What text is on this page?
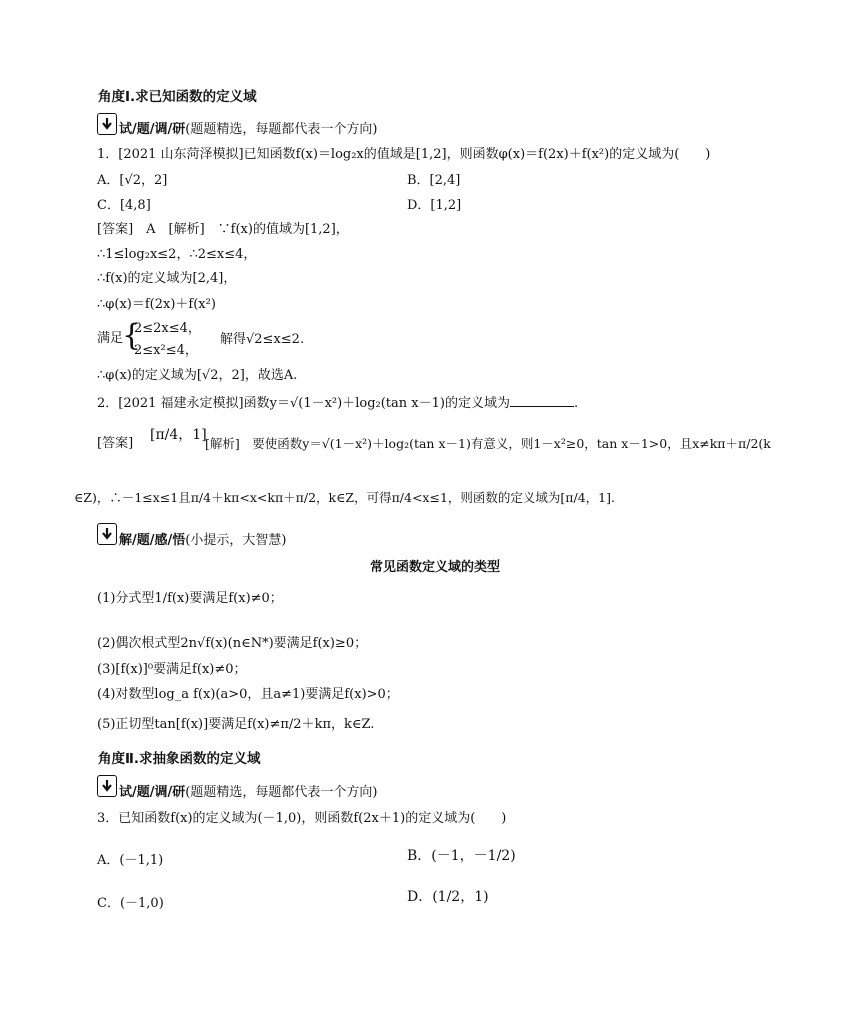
角度Ⅰ.求已知函数的定义域
试/题/调/研(题题精选，每题都代表一个方向)
1．[2021 山东菏泽模拟]已知函数f(x)＝log₂x的值域是[1,2]，则函数φ(x)＝f(2x)＋f(x²)的定义域为(　　)
A．[√2，2]	B．[2,4]
C．[4,8]	D．[1,2]
[答案]　A　[解析]　∵f(x)的值域为[1,2]，
∴1≤log₂x≤2，∴2≤x≤4，
∴f(x)的定义域为[2,4]，
∴φ(x)＝f(2x)＋f(x²)
满足
{
2≤2x≤4，
2≤x²≤4，
解得√2≤x≤2.
∴φ(x)的定义域为[√2，2]，故选A.
2．[2021 福建永定模拟]函数y＝√(1－x²)＋log₂(tan x－1)的定义域为	.
[答案]
[π/4，1]
[解析]　要使函数y＝√(1－x²)＋log₂(tan x－1)有意义，则1－x²≥0，tan x－1>0，且x≠kπ＋π/2(k
∈Z)，∴－1≤x≤1且π/4＋kπ<x<kπ＋π/2，k∈Z，可得π/4<x≤1，则函数的定义域为[π/4，1].
解/题/感/悟(小提示，大智慧)
常见函数定义域的类型
(1)分式型1/f(x)要满足f(x)≠0；
(2)偶次根式型2n√f(x)(n∈N*)要满足f(x)≥0；
(3)[f(x)]⁰要满足f(x)≠0；
(4)对数型log_a f(x)(a>0，且a≠1)要满足f(x)>0；
(5)正切型tan[f(x)]要满足f(x)≠π/2＋kπ，k∈Z.
角度Ⅱ.求抽象函数的定义域
试/题/调/研(题题精选，每题都代表一个方向)
3．已知函数f(x)的定义域为(－1,0)，则函数f(2x＋1)的定义域为(　　)
A．(－1,1)	B．(－1，－1/2)
C．(－1,0)	D．(1/2，1)
